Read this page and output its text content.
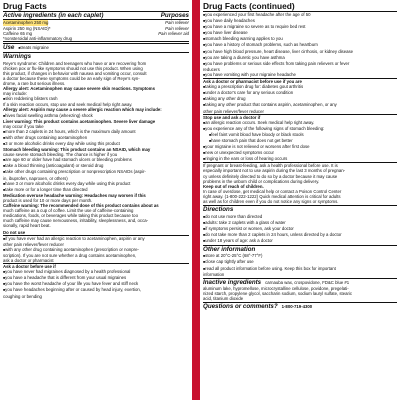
Drug Facts
Active ingredients (in each caplet)	Purposes
Acetaminophen 250 mg	Pain reliever
Aspirin 250 mg (NSAID)*	Pain reliever
Caffeine 65 mg	Pain reliever aid
*nonsteroidal anti-inflammatory drug
Use
■	treats migraine
Warnings
Reye's syndrome: Children and teenagers who have or are recovering from
chicken pox or flu-like symptoms should not use this product. When using
this product, if changes in behavior with nausea and vomiting occur, consult
a doctor because these symptoms could be an early sign of Reye's syn-
drome, a rare but serious illness.
Allergy alert: Acetaminophen may cause severe skin reactions. Symptoms
may include:
■ skin reddening blisters rash
If a skin reaction occurs, stop use and seek medical help right away.
Allergy alert: Aspirin may cause a severe allergic reaction which may include:
■ hives facial swelling asthma (wheezing) shock
Liver warning: This product contains acetaminophen. Severe liver damage
may occur if you take
■ more than 2 caplets in 24 hours, which is the maximum daily amount
■ with other drugs containing acetaminophen
■ 3 or more alcoholic drinks every day while using this product
Stomach bleeding warning: This product contains an NSAID, which may
cause severe stomach bleeding. The chance is higher if you
■ are age 60 or older have had stomach ulcers or bleeding problems
■ take a blood thinning (anticoagulant) or steroid drug
■ take other drugs containing prescription or nonprescription NSAIDs (aspir-
in, ibuprofen, naproxen, or others)
■ have 3 or more alcoholic drinks every day while using this product
■ take more or for a longer time than directed
Medication overuse headache warning: Headaches may worsen if this
product is used for 10 or more days per month.
Caffeine warning: The recommended dose of this product contains about as
much caffeine as a cup of coffee. Limit the use of caffeine-containing
medications, foods, or beverages while taking this product because too
much caffeine may cause nervousness, irritability, sleeplessness, and, occa-
sionally, rapid heart beat.
Do not use
■ if you have ever had an allergic reaction to acetaminophen, aspirin or any
other pain reliever/fever reducer
■ with any other drug containing acetaminophen (prescription or nonpre-
scription). If you are not sure whether a drug contains acetaminophen,
ask a doctor or pharmacist
Ask a doctor before use if
■ you have never had migraines diagnosed by a health professional
■ you have a headache that is different from your usual migraines
■ you have the worst headache of your life you have fever and stiff neck
■ you have headaches beginning after or caused by head injury, exertion,
coughing or bending
Drug Facts (continued)
■ you experienced your first headache after the age of 50
■ you have daily headaches
■ you have a migraine so severe as to require bed rest
■ you have liver disease
■ stomach bleeding warning applies to you
■ you have a history of stomach problems, such as heartburn
■ you have high blood pressure, heart disease, liver cirrhosis, or kidney disease
■ you are taking a diuretic you have asthma
■ you have problems or serious side effects from taking pain relievers or fever
reducers
■ you have vomiting with your migraine headache
Ask a doctor or pharmacist before use if you are
■ taking a prescription drug for: diabetes gout arthritis
■ under a doctor's care for any serious condition
■ taking any other drug
■ taking any other product that contains aspirin, acetaminophen, or any
other pain reliever/fever reducer
Stop use and ask a doctor if
■ an allergic reaction occurs. Seek medical help right away.
■ you experience any of the following signs of stomach bleeding:
■ feel faint vomit blood have bloody or black stools
■ have stomach pain that does not get better
■ your migraine is not relieved or worsens after first dose
■ new or unexpected symptoms occur
■ ringing in the ears or loss of hearing occurs
If pregnant or breast-feeding, ask a health professional before use. It is
especially important not to use aspirin during the last 3 months of pregnan-
cy unless definitely directed to do so by a doctor because it may cause
problems in the unborn child or complications during delivery.
Keep out of reach of children.
In case of overdose, get medical help or contact a Poison Control Center
right away. (1-800-222-1222) Quick medical attention is critical for adults
as well as for children even if you do not notice any signs or symptoms.
Directions
■ do not use more than directed
■ adults: take 2 caplets with a glass of water
■ if symptoms persist or worsen, ask your doctor
■ do not take more than 2 caplets in 24 hours, unless directed by a doctor
■ under 18 years of age: ask a doctor
Other information
■ store at 20°C-25°C (68°-77°F)
■ close cap tightly after use
■ read all product information before using. Keep this box for important
information
Inactive ingredients carnauba wax, crospovidone, FD&C blue #1
aluminum lake, hypromellose, microcrystalline cellulose, povidone, pregelati-
nized starch, propylene glycol, saccharin sodium, sodium lauryl sulfate, stearic
acid, titanium dioxide
Questions or comments? 1-800-719-4300
